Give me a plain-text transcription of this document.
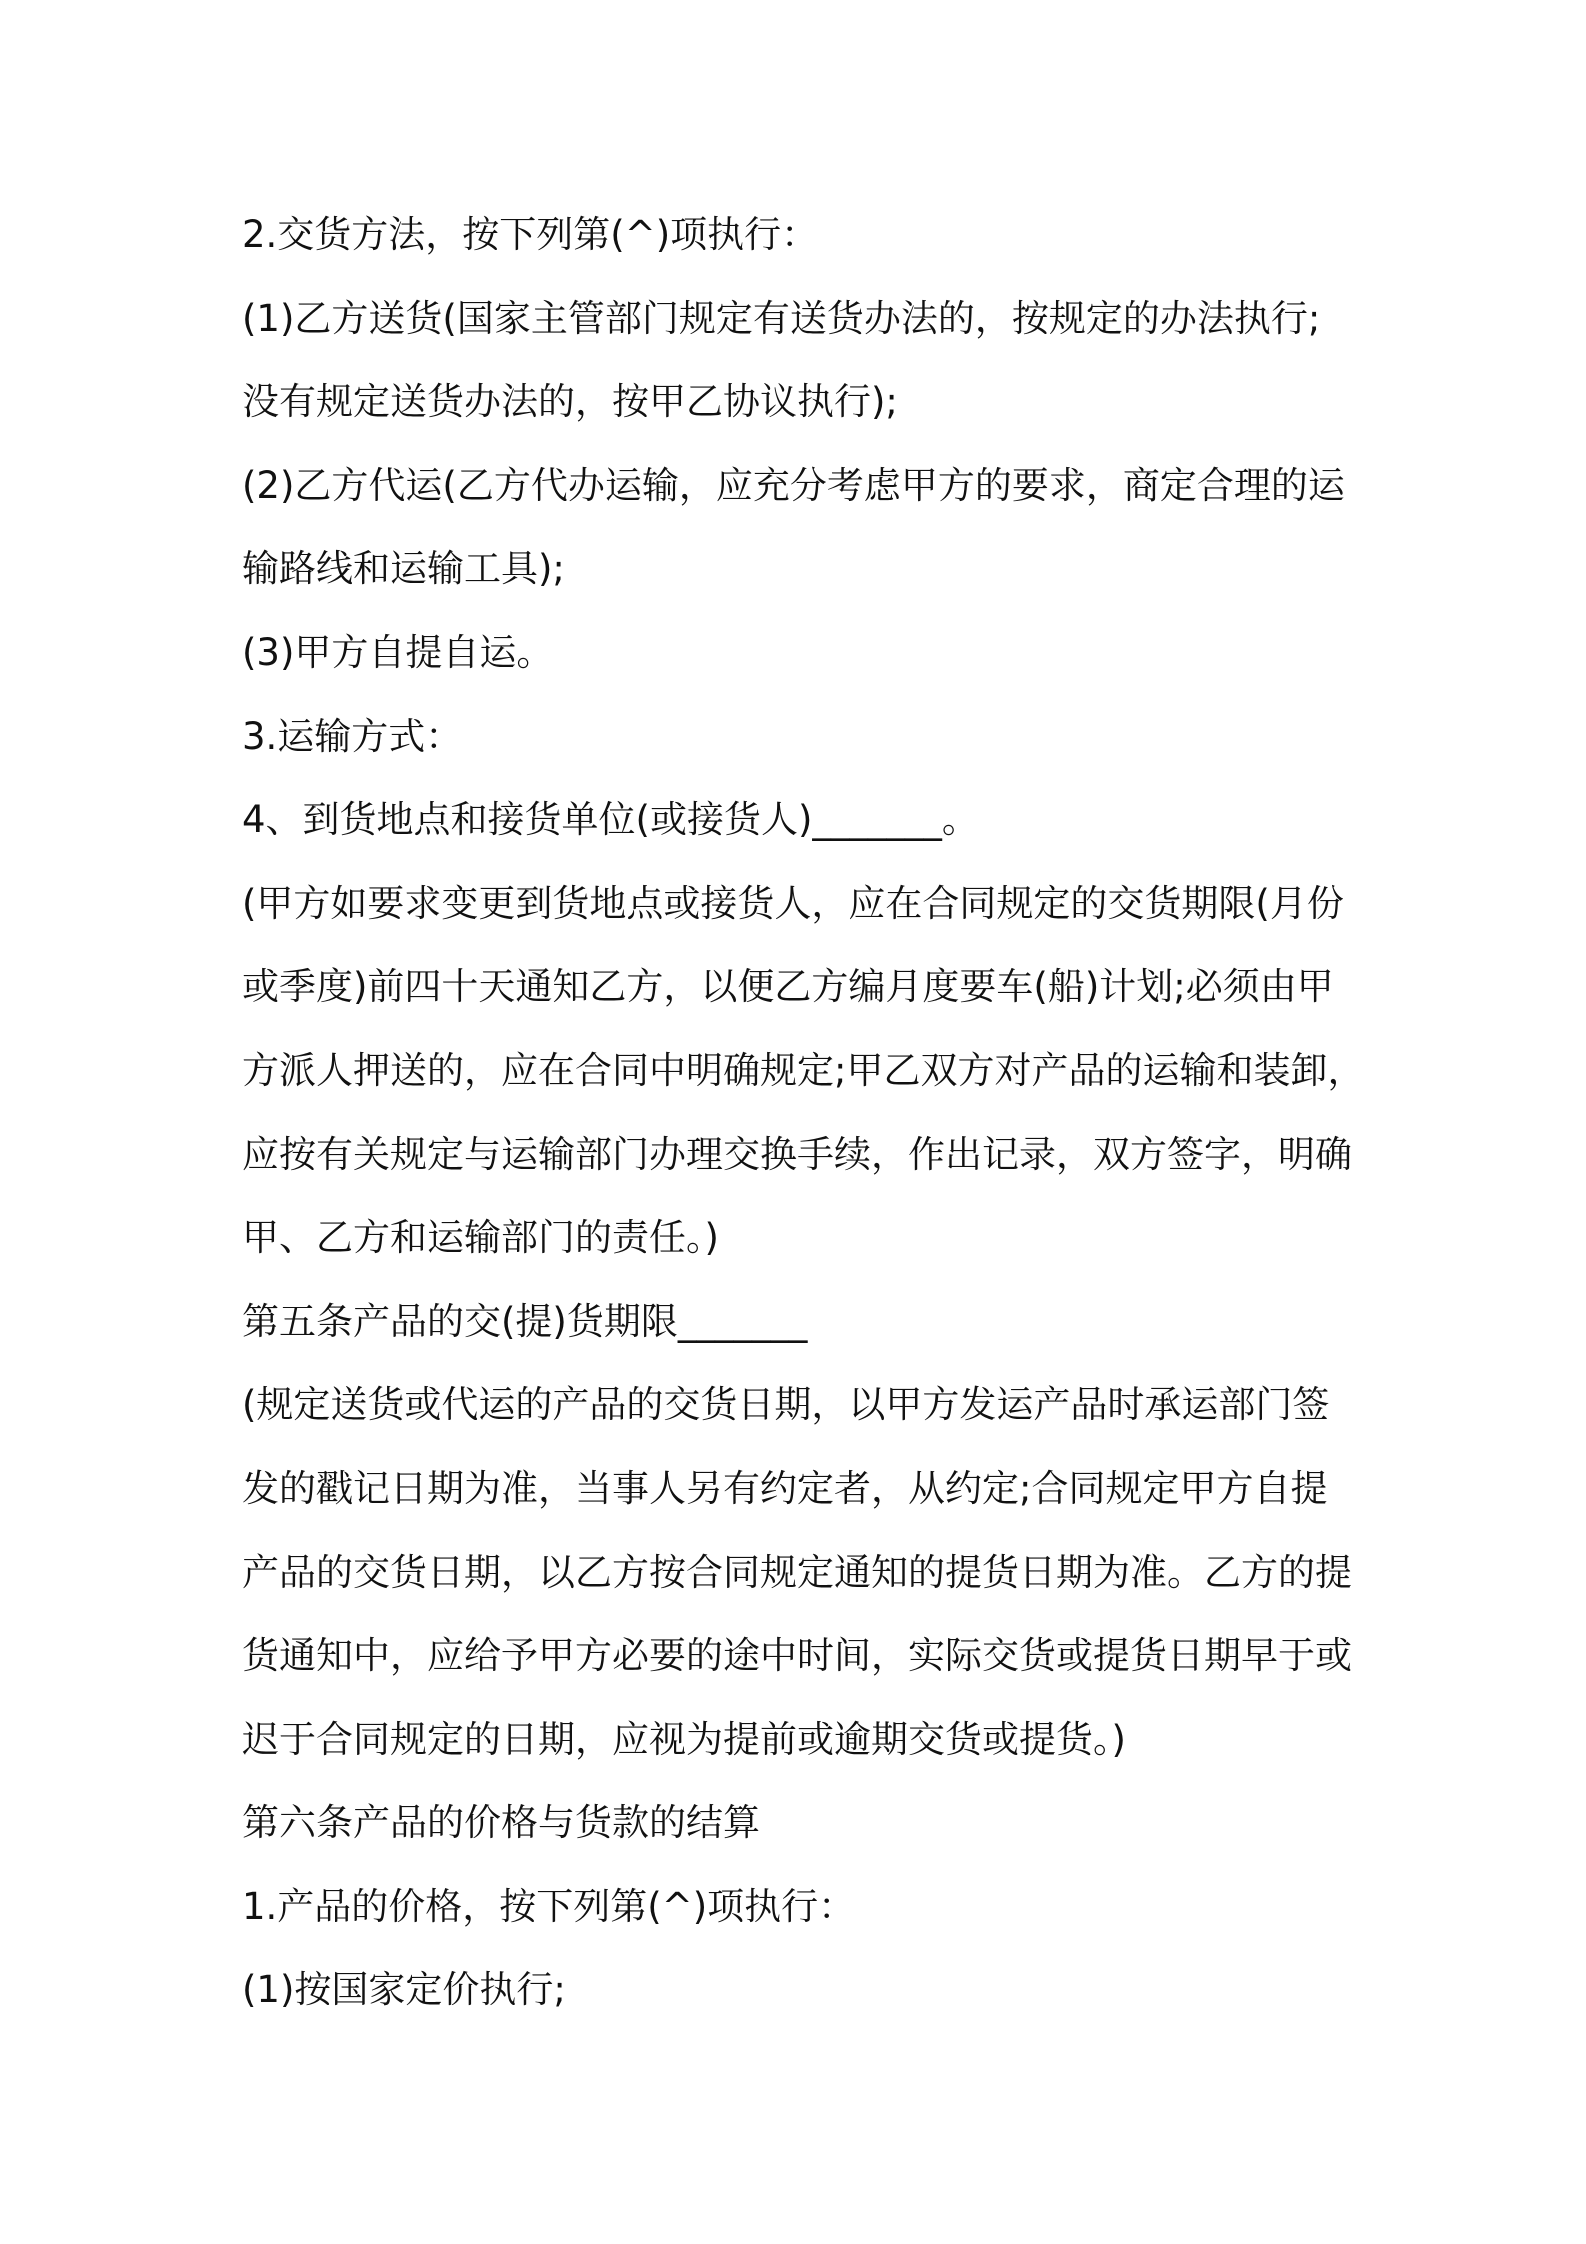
2.交货方法，按下列第(^)项执行：

(1)乙方送货(国家主管部门规定有送货办法的，按规定的办法执行;

没有规定送货办法的，按甲乙协议执行);

(2)乙方代运(乙方代办运输，应充分考虑甲方的要求，商定合理的运

输路线和运输工具);

(3)甲方自提自运。

3.运输方式：

4、到货地点和接货单位(或接货人)_______。

(甲方如要求变更到货地点或接货人，应在合同规定的交货期限(月份

或季度)前四十天通知乙方，以便乙方编月度要车(船)计划;必须由甲

方派人押送的，应在合同中明确规定;甲乙双方对产品的运输和装卸，

应按有关规定与运输部门办理交换手续，作出记录，双方签字，明确

甲、乙方和运输部门的责任。)

第五条产品的交(提)货期限_______

(规定送货或代运的产品的交货日期，以甲方发运产品时承运部门签

发的戳记日期为准，当事人另有约定者，从约定;合同规定甲方自提

产品的交货日期，以乙方按合同规定通知的提货日期为准。乙方的提

货通知中，应给予甲方必要的途中时间，实际交货或提货日期早于或

迟于合同规定的日期，应视为提前或逾期交货或提货。)

第六条产品的价格与货款的结算

1.产品的价格，按下列第(^)项执行：

(1)按国家定价执行;
